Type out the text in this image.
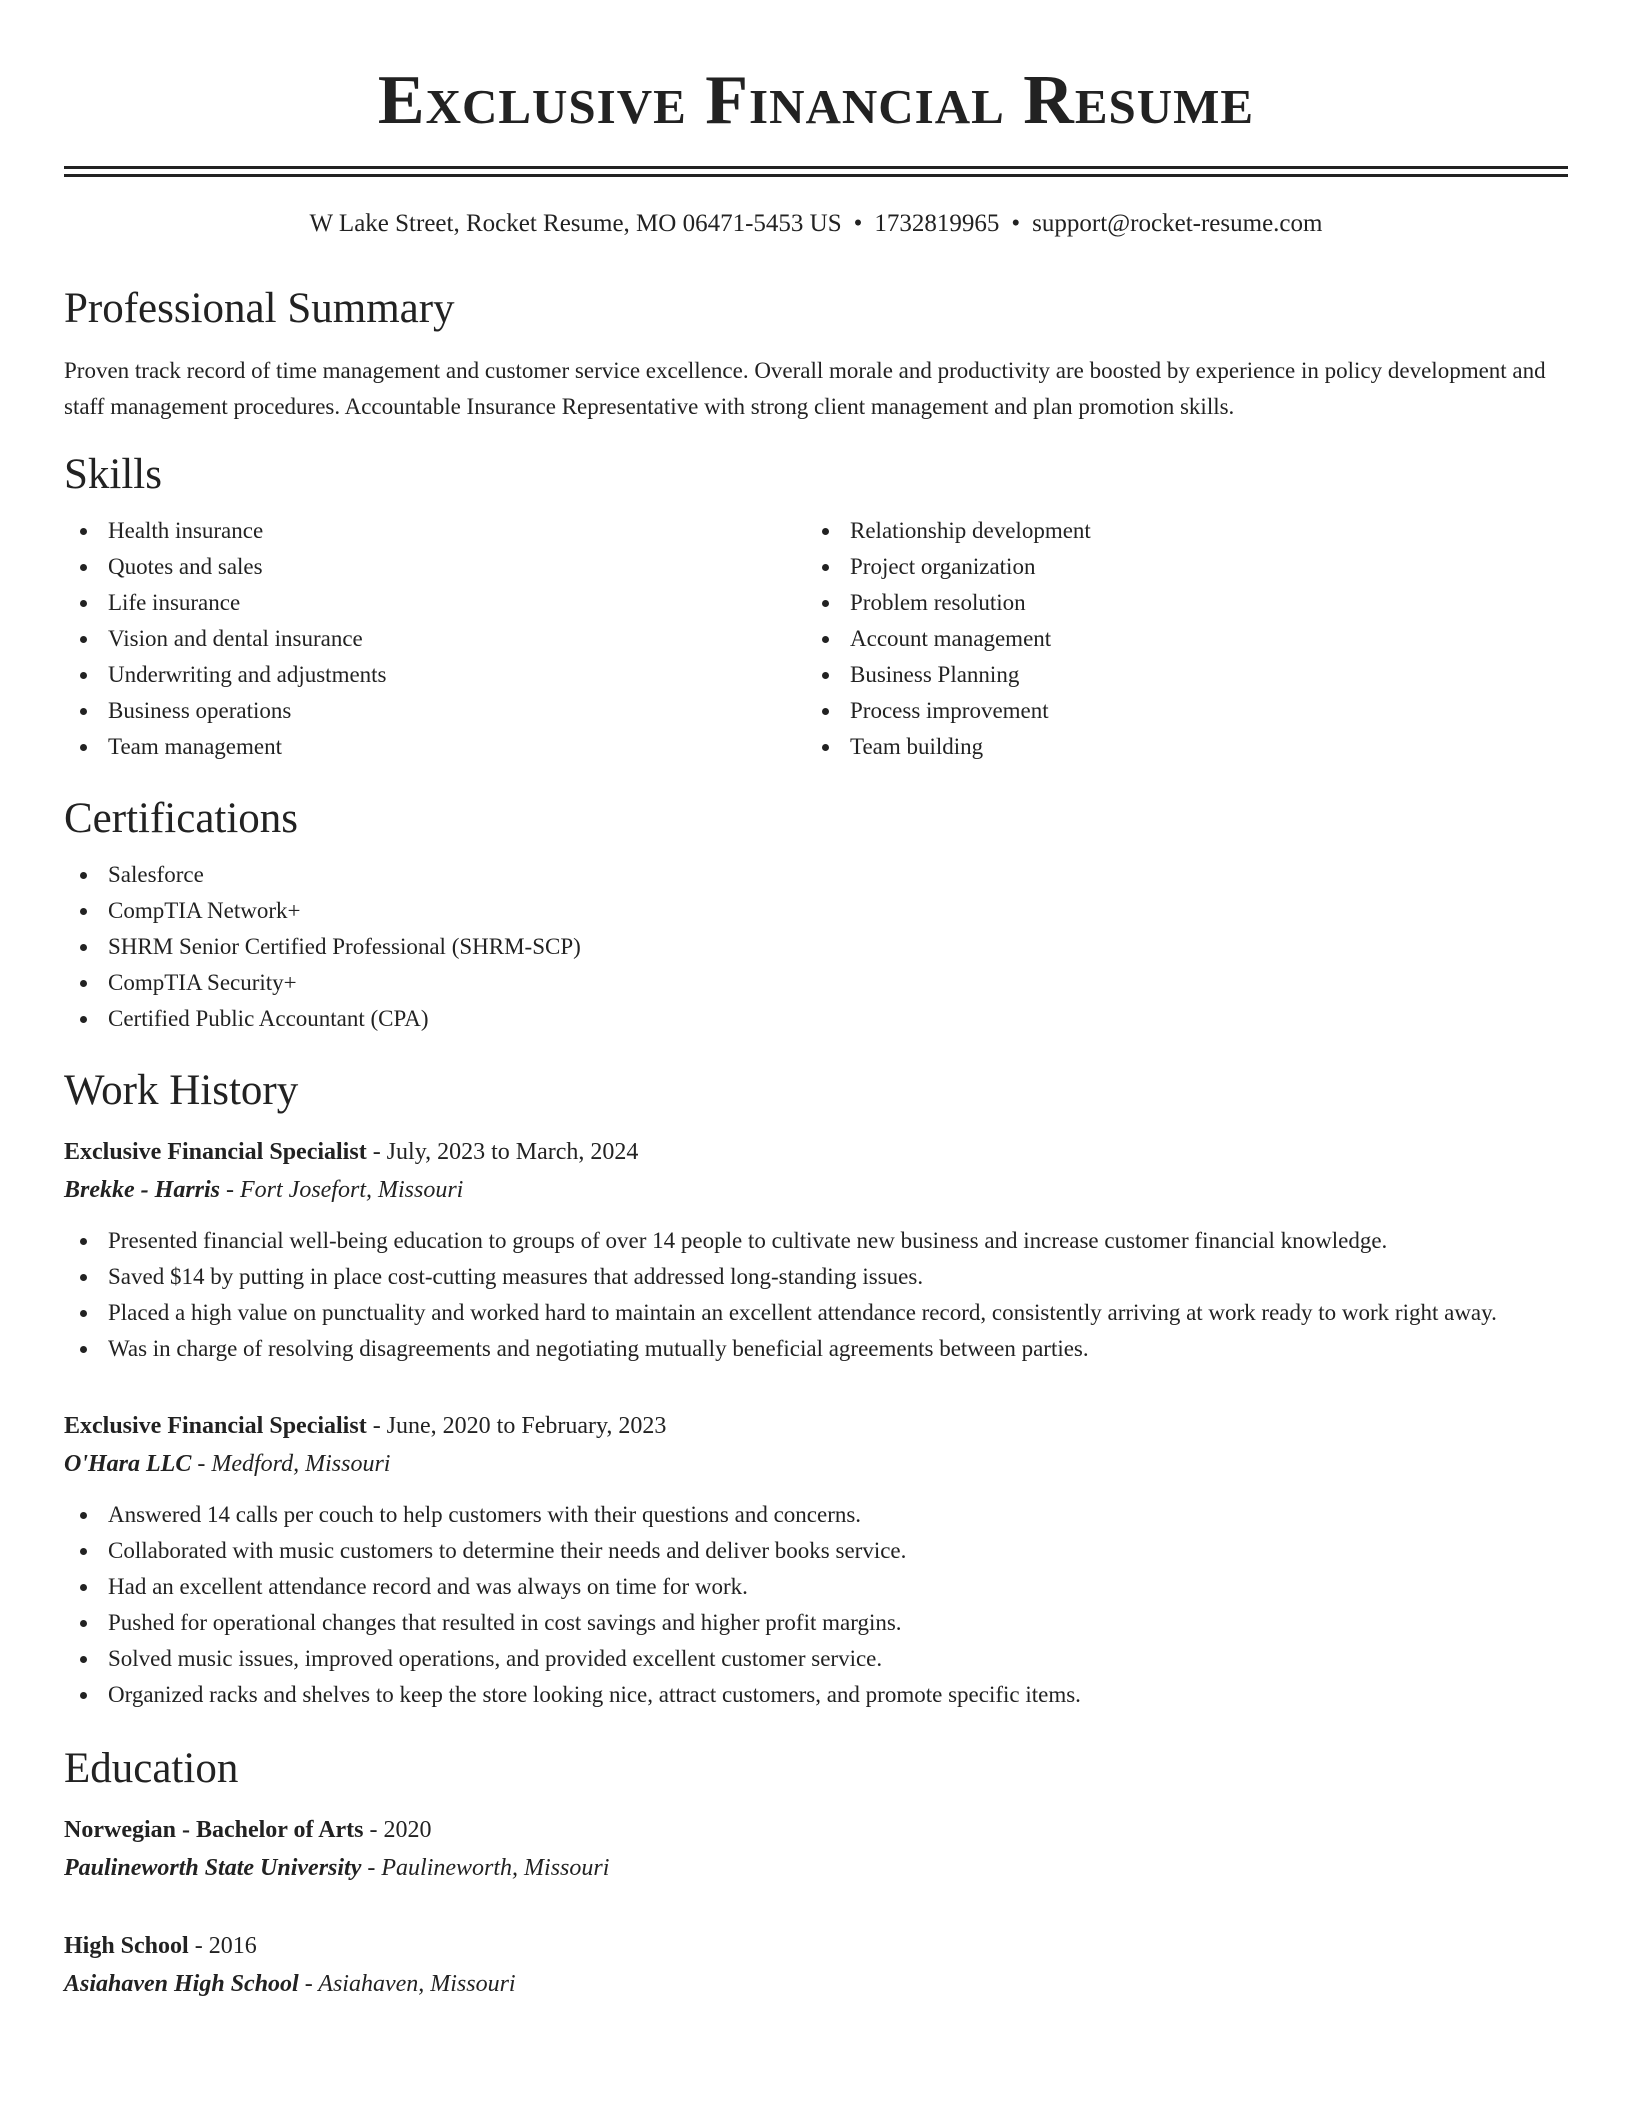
Exclusive Financial Resume
W Lake Street, Rocket Resume, MO 06471-5453 US • 1732819965 • support@rocket-resume.com
Professional Summary
Proven track record of time management and customer service excellence. Overall morale and productivity are boosted by experience in policy development and staff management procedures. Accountable Insurance Representative with strong client management and plan promotion skills.
Skills
Health insurance
Quotes and sales
Life insurance
Vision and dental insurance
Underwriting and adjustments
Business operations
Team management
Relationship development
Project organization
Problem resolution
Account management
Business Planning
Process improvement
Team building
Certifications
Salesforce
CompTIA Network+
SHRM Senior Certified Professional (SHRM-SCP)
CompTIA Security+
Certified Public Accountant (CPA)
Work History
Exclusive Financial Specialist - July, 2023 to March, 2024
Brekke - Harris - Fort Josefort, Missouri
Presented financial well-being education to groups of over 14 people to cultivate new business and increase customer financial knowledge.
Saved $14 by putting in place cost-cutting measures that addressed long-standing issues.
Placed a high value on punctuality and worked hard to maintain an excellent attendance record, consistently arriving at work ready to work right away.
Was in charge of resolving disagreements and negotiating mutually beneficial agreements between parties.
Exclusive Financial Specialist - June, 2020 to February, 2023
O'Hara LLC - Medford, Missouri
Answered 14 calls per couch to help customers with their questions and concerns.
Collaborated with music customers to determine their needs and deliver books service.
Had an excellent attendance record and was always on time for work.
Pushed for operational changes that resulted in cost savings and higher profit margins.
Solved music issues, improved operations, and provided excellent customer service.
Organized racks and shelves to keep the store looking nice, attract customers, and promote specific items.
Education
Norwegian - Bachelor of Arts - 2020
Paulineworth State University - Paulineworth, Missouri
High School - 2016
Asiahaven High School - Asiahaven, Missouri
